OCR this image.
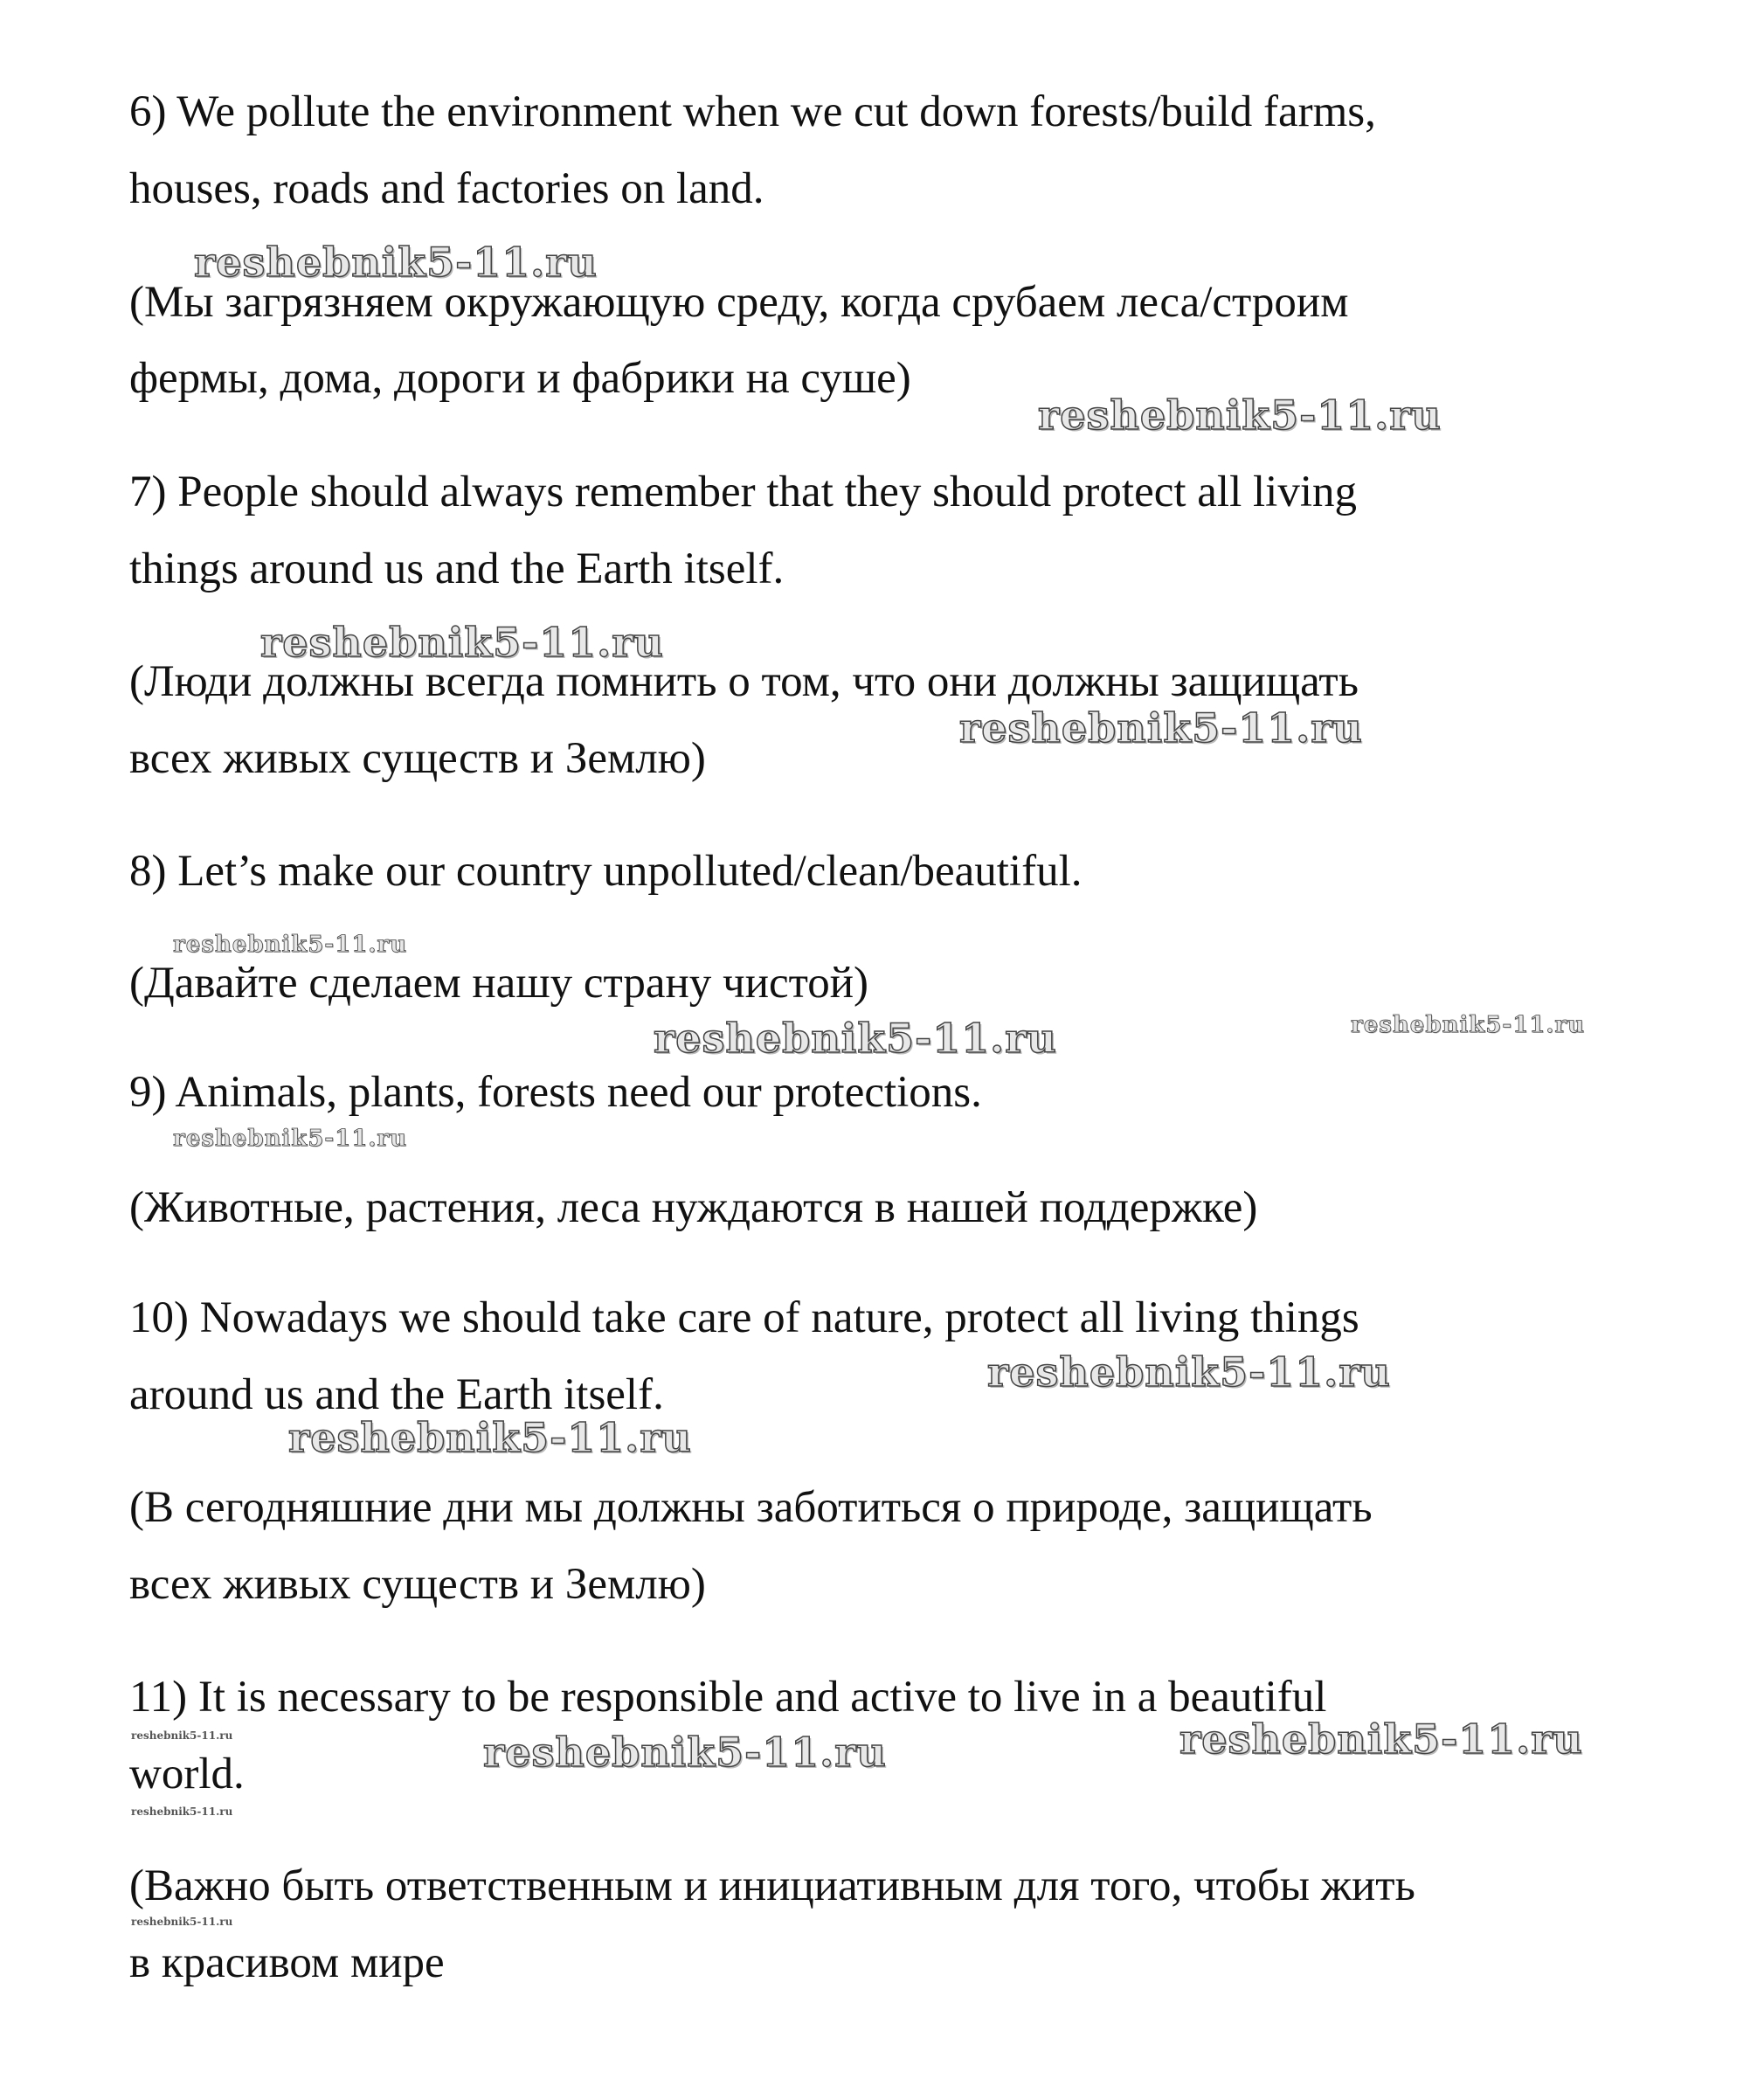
6) We pollute the environment when we cut down forests/build farms,
houses, roads and factories on land.
reshebnik5-11.ru
(Мы загрязняем окружающую среду, когда срубаем леса/строим
фермы, дома, дороги и фабрики на суше)
reshebnik5-11.ru
7) People should always remember that they should protect all living
things around us and the Earth itself.
reshebnik5-11.ru
(Люди должны всегда помнить о том, что они должны защищать
reshebnik5-11.ru
всех живых существ и Землю)
8) Let’s make our country unpolluted/clean/beautiful.
reshebnik5-11.ru
(Давайте сделаем нашу страну чистой)
reshebnik5-11.ru
reshebnik5-11.ru
9) Animals, plants, forests need our protections.
reshebnik5-11.ru
(Животные, растения, леса нуждаются в нашей поддержке)
10) Nowadays we should take care of nature, protect all living things
reshebnik5-11.ru
around us and the Earth itself.
reshebnik5-11.ru
(В сегодняшние дни мы должны заботиться о природе, защищать
всех живых существ и Землю)
11) It is necessary to be responsible and active to live in a beautiful
reshebnik5-11.ru	reshebnik5-11.ru
reshebnik5-11.ru
world.
reshebnik5-11.ru
(Важно быть ответственным и инициативным для того, чтобы жить
reshebnik5-11.ru
в красивом мире
